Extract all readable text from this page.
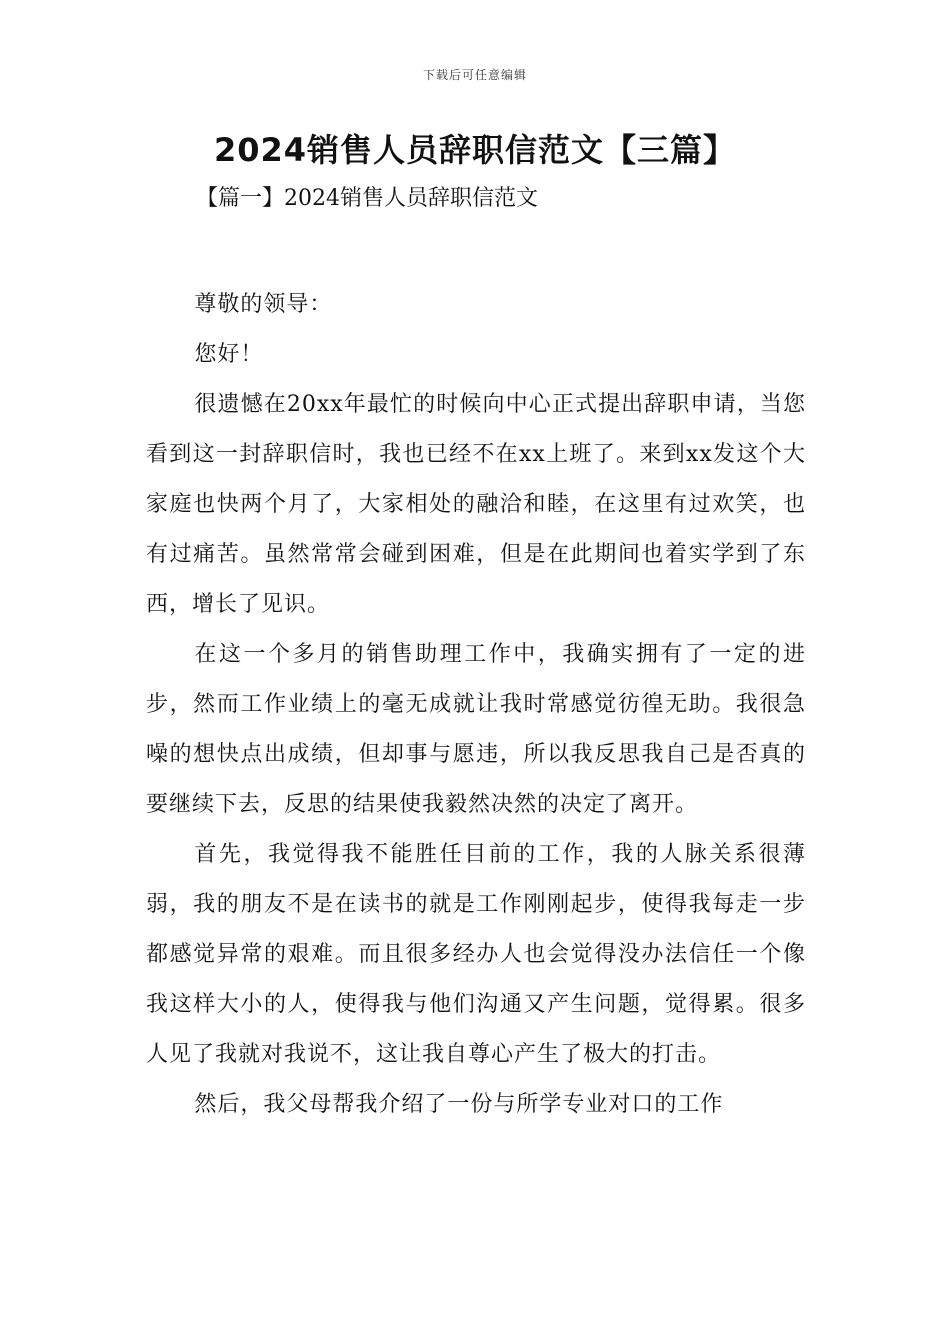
下载后可任意编辑
2024销售人员辞职信范文【三篇】

【篇一】2024销售人员辞职信范文

尊敬的领导：

您好！

很遗憾在20xx年最忙的时候向中心正式提出辞职申请，当您看到这一封辞职信时，我也已经不在xx上班了。来到xx发这个大家庭也快两个月了，大家相处的融洽和睦，在这里有过欢笑，也有过痛苦。虽然常常会碰到困难，但是在此期间也着实学到了东西，增长了见识。

在这一个多月的销售助理工作中，我确实拥有了一定的进步，然而工作业绩上的毫无成就让我时常感觉彷徨无助。我很急噪的想快点出成绩，但却事与愿违，所以我反思我自己是否真的要继续下去，反思的结果使我毅然决然的决定了离开。

首先，我觉得我不能胜任目前的工作，我的人脉关系很薄弱，我的朋友不是在读书的就是工作刚刚起步，使得我每走一步都感觉异常的艰难。而且很多经办人也会觉得没办法信任一个像我这样大小的人，使得我与他们沟通又产生问题，觉得累。很多人见了我就对我说不，这让我自尊心产生了极大的打击。

然后，我父母帮我介绍了一份与所学专业对口的工作
